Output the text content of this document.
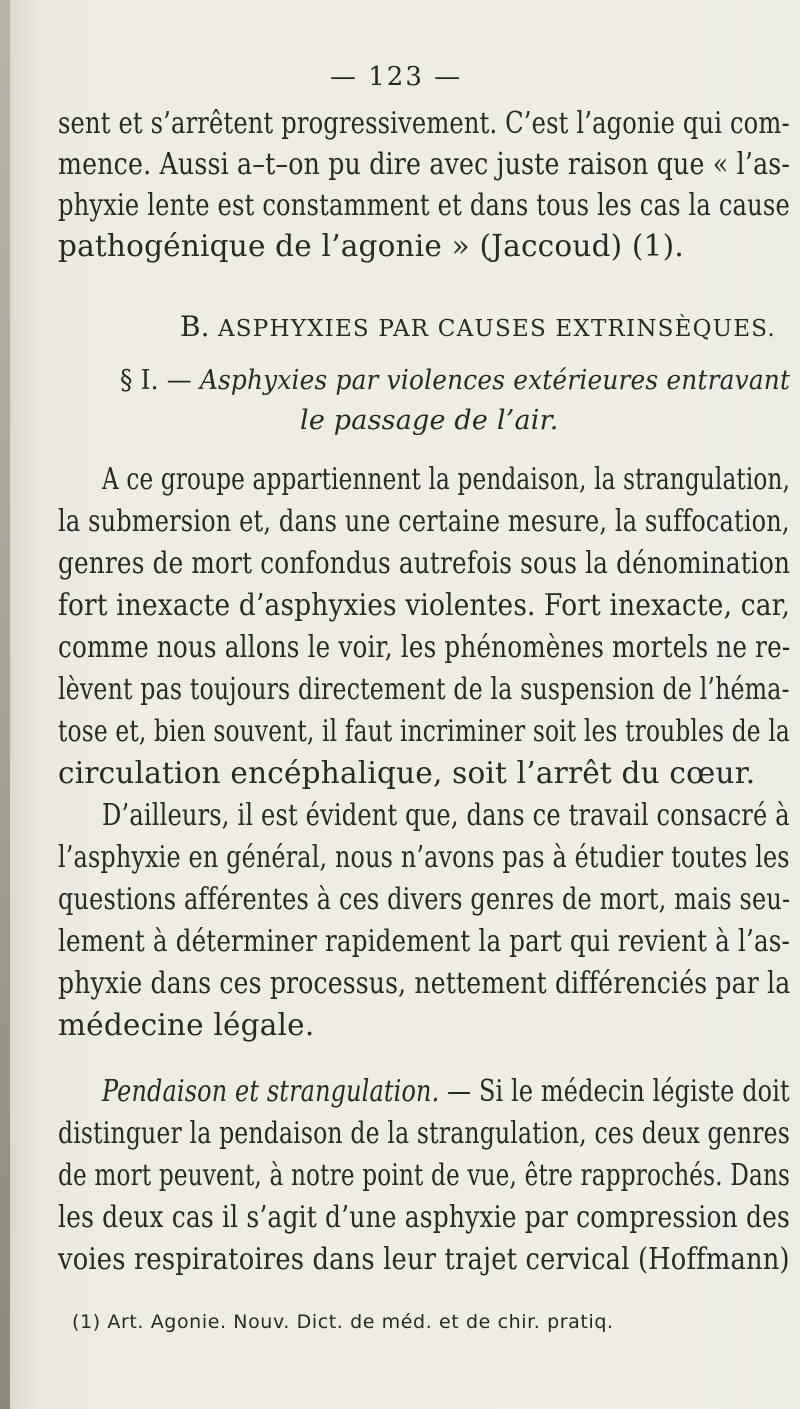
— 123 —
sent et s’arrêtent progressivement. C’est l’agonie qui com-
mence. Aussi a–t–on pu dire avec juste raison que « l’as-
phyxie lente est constamment et dans tous les cas la cause
pathogénique de l’agonie » (Jaccoud) (1).
B. ASPHYXIES PAR CAUSES EXTRINSÈQUES.
§ I. — Asphyxies par violences extérieures entravant
le passage de l’air.
A ce groupe appartiennent la pendaison, la strangulation,
la submersion et, dans une certaine mesure, la suffocation,
genres de mort confondus autrefois sous la dénomination
fort inexacte d’asphyxies violentes. Fort inexacte, car,
comme nous allons le voir, les phénomènes mortels ne re-
lèvent pas toujours directement de la suspension de l’héma-
tose et, bien souvent, il faut incriminer soit les troubles de la
circulation encéphalique, soit l’arrêt du cœur.
D’ailleurs, il est évident que, dans ce travail consacré à
l’asphyxie en général, nous n’avons pas à étudier toutes les
questions afférentes à ces divers genres de mort, mais seu-
lement à déterminer rapidement la part qui revient à l’as-
phyxie dans ces processus, nettement différenciés par la
médecine légale.
Pendaison et strangulation. — Si le médecin légiste doit
distinguer la pendaison de la strangulation, ces deux genres
de mort peuvent, à notre point de vue, être rapprochés. Dans
les deux cas il s’agit d’une asphyxie par compression des
voies respiratoires dans leur trajet cervical (Hoffmann)
(1) Art. Agonie. Nouv. Dict. de méd. et de chir. pratiq.
